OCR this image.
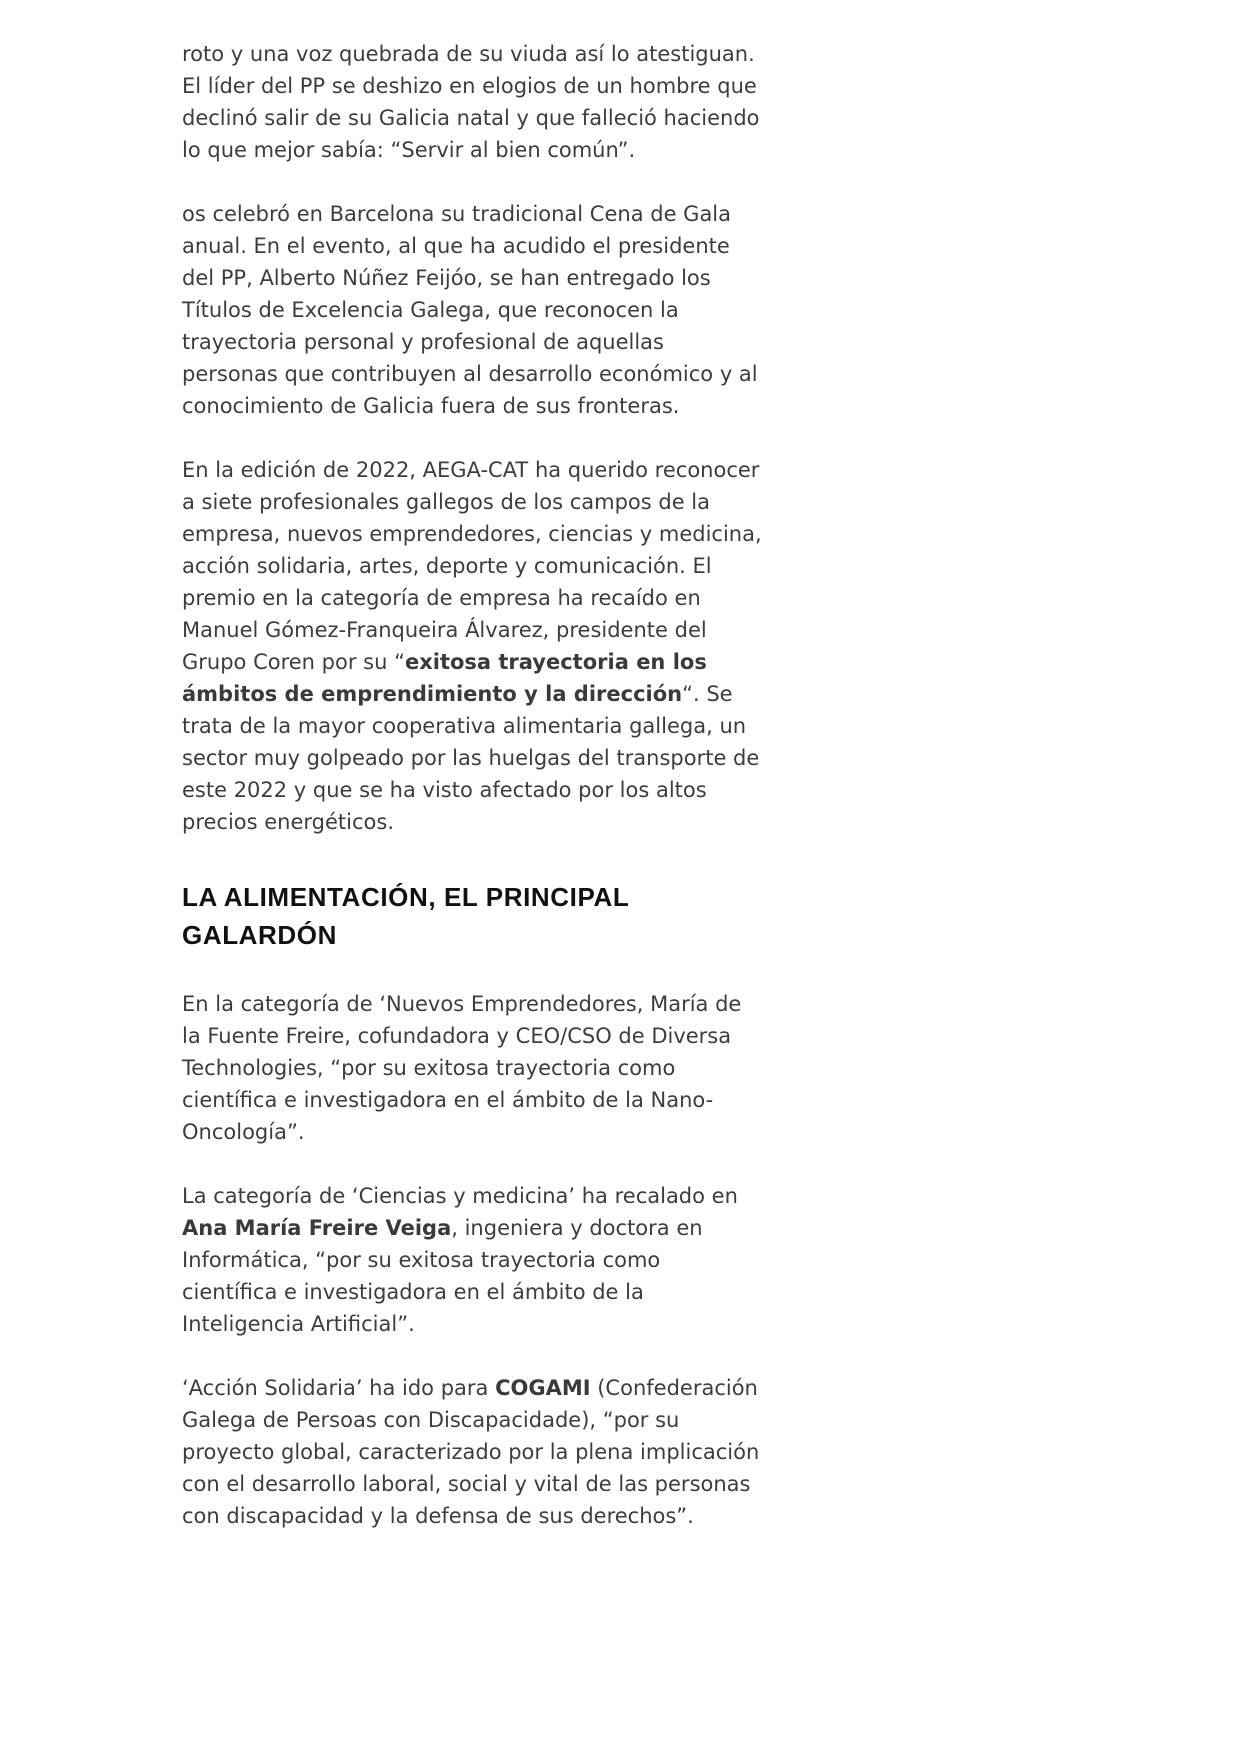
roto y una voz quebrada de su viuda así lo atestiguan. El líder del PP se deshizo en elogios de un hombre que declinó salir de su Galicia natal y que falleció haciendo lo que mejor sabía: “Servir al bien común”.

os celebró en Barcelona su tradicional Cena de Gala anual. En el evento, al que ha acudido el presidente del PP, Alberto Núñez Feijóo, se han entregado los Títulos de Excelencia Galega, que reconocen la trayectoria personal y profesional de aquellas personas que contribuyen al desarrollo económico y al conocimiento de Galicia fuera de sus fronteras.

En la edición de 2022, AEGA-CAT ha querido reconocer a siete profesionales gallegos de los campos de la empresa, nuevos emprendedores, ciencias y medicina, acción solidaria, artes, deporte y comunicación. El premio en la categoría de empresa ha recaído en Manuel Gómez-Franqueira Álvarez, presidente del Grupo Coren por su “exitosa trayectoria en los ámbitos de emprendimiento y la dirección“. Se trata de la mayor cooperativa alimentaria gallega, un sector muy golpeado por las huelgas del transporte de este 2022 y que se ha visto afectado por los altos precios energéticos.

LA ALIMENTACIÓN, EL PRINCIPAL GALARDÓN

En la categoría de ‘Nuevos Emprendedores, María de la Fuente Freire, cofundadora y CEO/CSO de Diversa Technologies, “por su exitosa trayectoria como científica e investigadora en el ámbito de la Nano-Oncología”.

La categoría de ‘Ciencias y medicina’ ha recalado en Ana María Freire Veiga, ingeniera y doctora en Informática, “por su exitosa trayectoria como científica e investigadora en el ámbito de la Inteligencia Artificial”.

‘Acción Solidaria’ ha ido para COGAMI (Confederación Galega de Persoas con Discapacidade), “por su proyecto global, caracterizado por la plena implicación con el desarrollo laboral, social y vital de las personas con discapacidad y la defensa de sus derechos”.
